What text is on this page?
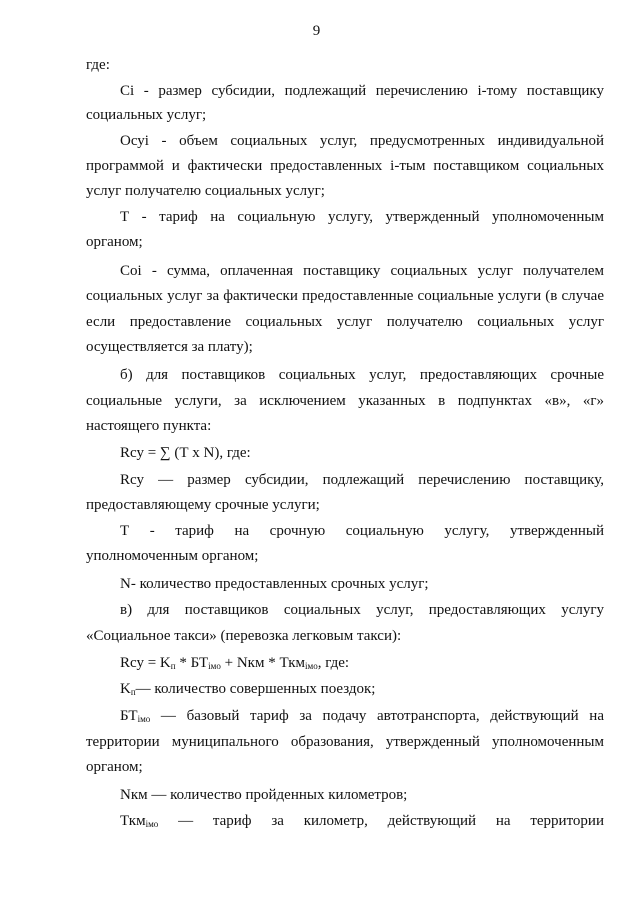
9
где:
Сi - размер субсидии, подлежащий перечислению i-тому поставщику
социальных услуг;
Осуi - объем социальных услуг, предусмотренных индивидуальной
программой и фактически предоставленных i-тым поставщиком социальных
услуг получателю социальных услуг;
Т - тариф на социальную услугу, утвержденный уполномоченным
органом;
Соi - сумма, оплаченная поставщику социальных услуг получателем
социальных услуг за фактически предоставленные социальные услуги (в случае
если предоставление социальных услуг получателю социальных услуг
осуществляется за плату);
б) для поставщиков социальных услуг, предоставляющих срочные
социальные услуги, за исключением указанных в подпунктах «в», «г»
настоящего пункта:
Rсу = ∑ (Т х N), где:
Rсу — размер субсидии, подлежащий перечислению поставщику,
предоставляющему срочные услуги;
Т - тариф на срочную социальную услугу, утвержденный
уполномоченным органом;
N- количество предоставленных срочных услуг;
в) для поставщиков социальных услуг, предоставляющих услугу
«Социальное такси» (перевозка легковым такси):
Rсу = $K_п * БТ_{iмо}$ + Nкм * Ткм$_{iмо}$, где:
$K_п—$ количество совершенных поездок;
$БТ_{iмо}$ — базовый тариф за подачу автотранспорта, действующий на
территории муниципального образования, утвержденный уполномоченным
органом;
Nкм — количество пройденных километров;
Ткм$_{iмо}$ — тариф за километр, действующий на территории
